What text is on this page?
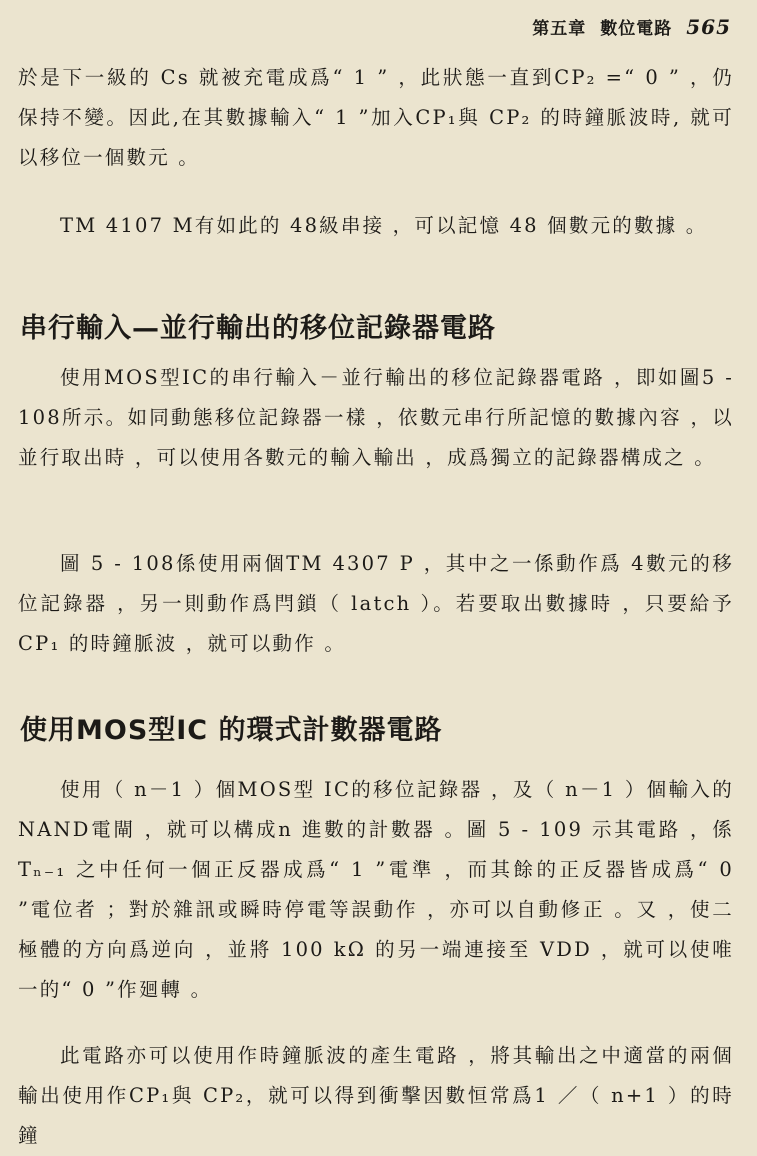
第五章 數位電路 565
於是下一級的 Cs 就被充電成爲“ 1 ” ，此狀態一直到CP₂ =“ 0 ” ，仍保持不變。因此,在其數據輸入“ 1 ”加入CP₁與 CP₂ 的時鐘脈波時, 就可以移位一個數元 。
TM 4107 M有如此的 48級串接 ，可以記憶 48 個數元的數據 。
串行輸入—並行輸出的移位記錄器電路
使用MOS型IC的串行輸入－並行輸出的移位記錄器電路 ，即如圖5 - 108所示。如同動態移位記錄器一樣 ，依數元串行所記憶的數據內容 ，以並行取出時 ，可以使用各數元的輸入輸出 ，成爲獨立的記錄器構成之 。
圖 5 - 108係使用兩個TM 4307 P ，其中之一係動作爲 4數元的移位記錄器 ，另一則動作爲閂鎖（ latch ）。若要取出數據時 ，只要給予CP₁ 的時鐘脈波 ，就可以動作 。
使用MOS型IC 的環式計數器電路
使用（ n－1 ）個MOS型 IC的移位記錄器 ，及（ n－1 ）個輸入的NAND電閘 ，就可以構成n 進數的計數器 。圖 5 - 109 示其電路 ，係 Tₙ₋₁ 之中任何一個正反器成爲“ 1 ”電準 ，而其餘的正反器皆成爲“ 0 ”電位者 ；對於雜訊或瞬時停電等誤動作 ，亦可以自動修正 。又 ，使二極體的方向爲逆向 ，並將 100 kΩ 的另一端連接至 VDD ，就可以使唯一的“ 0 ”作廻轉 。
此電路亦可以使用作時鐘脈波的產生電路 ，將其輸出之中適當的兩個輸出使用作CP₁與 CP₂，就可以得到衝擊因數恒常爲1 ／（ n+1 ）的時鐘
